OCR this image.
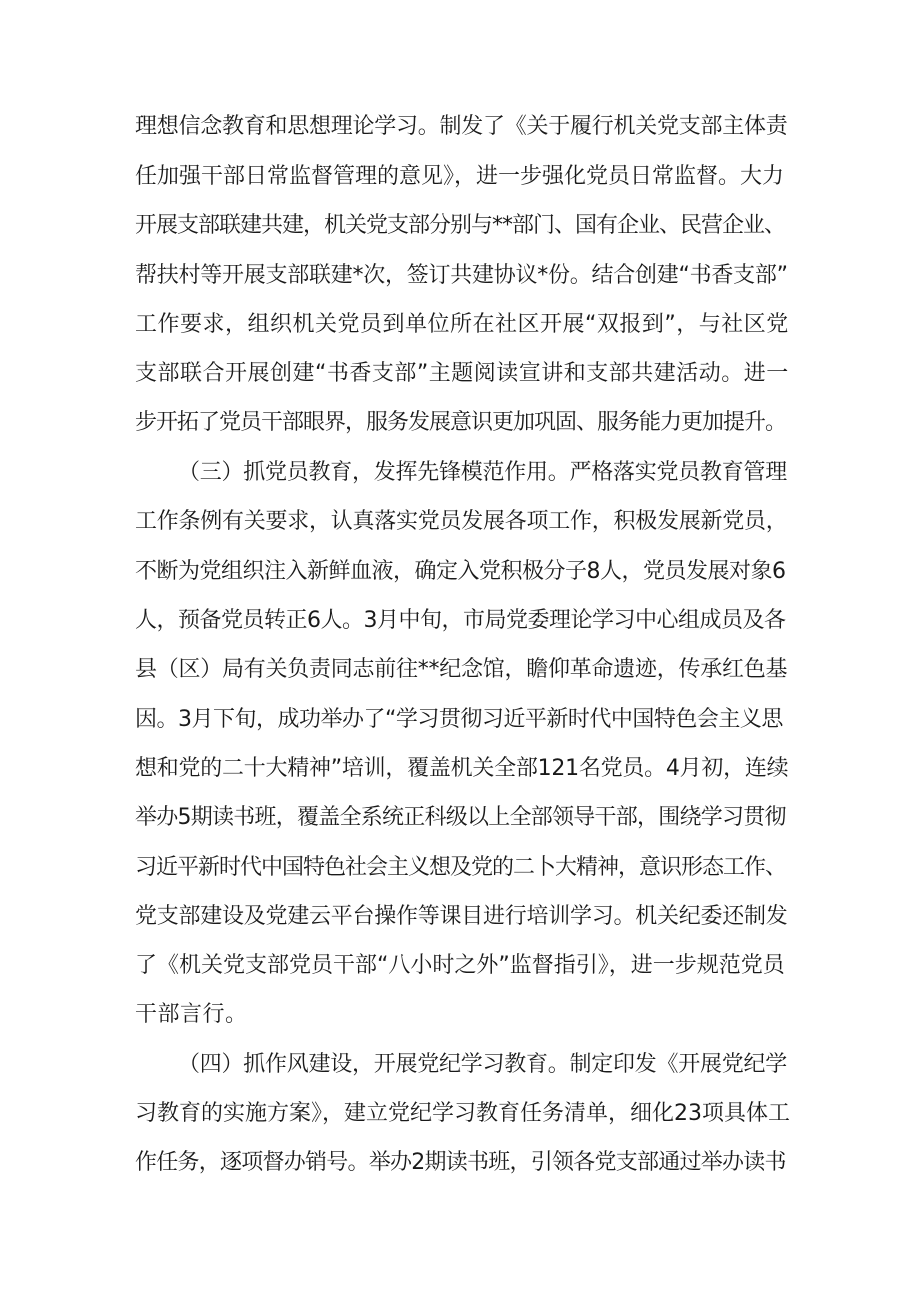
理想信念教育和思想理论学习。制发了《关于履行机关党支部主体责
任加强干部日常监督管理的意见》，进一步强化党员日常监督。大力
开展支部联建共建，机关党支部分别与**部门、国有企业、民营企业、
帮扶村等开展支部联建*次，签订共建协议*份。结合创建“书香支部”
工作要求，组织机关党员到单位所在社区开展“双报到”，与社区党
支部联合开展创建“书香支部”主题阅读宣讲和支部共建活动。进一
步开拓了党员干部眼界，服务发展意识更加巩固、服务能力更加提升。
（三）抓党员教育，发挥先锋模范作用。严格落实党员教育管理
工作条例有关要求，认真落实党员发展各项工作，积极发展新党员，
不断为党组织注入新鲜血液，确定入党积极分子8人，党员发展对象6
人，预备党员转正6人。3月中旬，市局党委理论学习中心组成员及各
县（区）局有关负责同志前往**纪念馆，瞻仰革命遗迹，传承红色基
因。3月下旬，成功举办了“学习贯彻习近平新时代中国特色会主义思
想和党的二十大精神”培训，覆盖机关全部121名党员。4月初，连续
举办5期读书班，覆盖全系统正科级以上全部领导干部，围绕学习贯彻
习近平新时代中国特色社会主义想及党的二卜大精神，意识形态工作、
党支部建设及党建云平台操作等课目进行培训学习。机关纪委还制发
了《机关党支部党员干部“八小时之外”监督指引》，进一步规范党员
干部言行。
（四）抓作风建设，开展党纪学习教育。制定印发《开展党纪学
习教育的实施方案》，建立党纪学习教育任务清单，细化23项具体工
作任务，逐项督办销号。举办2期读书班，引领各党支部通过举办读书
